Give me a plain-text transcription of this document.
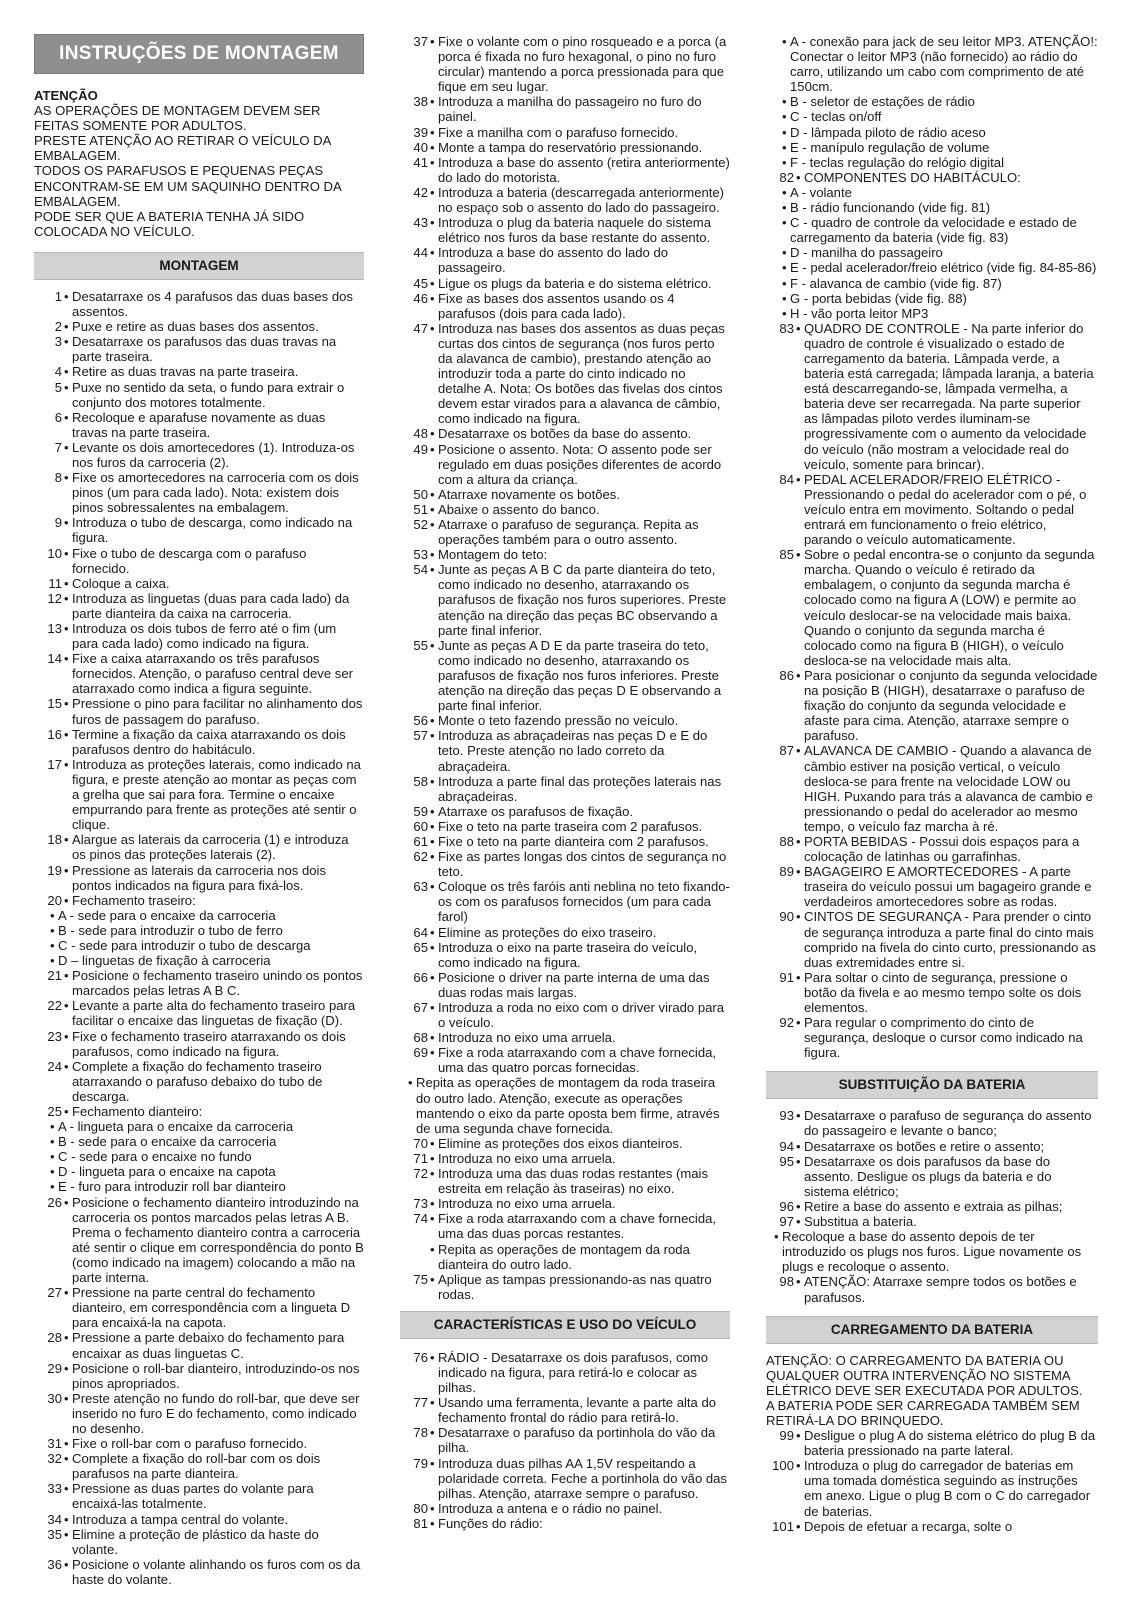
INSTRUÇÕES DE MONTAGEM
ATENÇÃO

AS OPERAÇÕES DE MONTAGEM DEVEM SER FEITAS SOMENTE POR ADULTOS.

PRESTE ATENÇÃO AO RETIRAR O VEÍCULO DA EMBALAGEM.

TODOS OS PARAFUSOS E PEQUENAS PEÇAS ENCONTRAM-SE EM UM SAQUINHO DENTRO DA EMBALAGEM.

PODE SER QUE A BATERIA TENHA JÁ SIDO COLOCADA NO VEÍCULO.

MONTAGEM
1 • Desatarraxe os 4 parafusos das duas bases dos assentos.
2 • Puxe e retire as duas bases dos assentos.
3 • Desatarraxe os parafusos das duas travas na parte traseira.
4 • Retire as duas travas na parte traseira.
5 • Puxe no sentido da seta, o fundo para extrair o conjunto dos motores totalmente.
6 • Recoloque e aparafuse novamente as duas travas na parte traseira.
7 • Levante os dois amortecedores (1). Introduza-os nos furos da carroceria (2).
8 • Fixe os amortecedores na carroceria com os dois pinos (um para cada lado). Nota: existem dois pinos sobressalentes na embalagem.
9 • Introduza o tubo de descarga, como indicado na figura.
10 • Fixe o tubo de descarga com o parafuso fornecido.
11 • Coloque a caixa.
12 • Introduza as linguetas (duas para cada lado) da parte dianteira da caixa na carroceria.
13 • Introduza os dois tubos de ferro até o fim (um para cada lado) como indicado na figura.
14 • Fixe a caixa atarraxando os três parafusos fornecidos. Atenção, o parafuso central deve ser atarraxado como indica a figura seguinte.
15 • Pressione o pino para facilitar no alinhamento dos furos de passagem do parafuso.
16 • Termine a fixação da caixa atarraxando os dois parafusos dentro do habitáculo.
17 • Introduza as proteções laterais, como indicado na figura, e preste atenção ao montar as peças com a grelha que sai para fora. Termine o encaixe empurrando para frente as proteções até sentir o clique.
18 • Alargue as laterais da carroceria (1) e introduza os pinos das proteções laterais (2).
19 • Pressione as laterais da carroceria nos dois pontos indicados na figura para fixá-los.
20 • Fechamento traseiro:
• A - sede para o encaixe da carroceria
• B - sede para introduzir o tubo de ferro
• C - sede para introduzir o tubo de descarga
• D – linguetas de fixação à carroceria
21 • Posicione o fechamento traseiro unindo os pontos marcados pelas letras A B C.
22 • Levante a parte alta do fechamento traseiro para facilitar o encaixe das linguetas de fixação (D).
23 • Fixe o fechamento traseiro atarraxando os dois parafusos, como indicado na figura.
24 • Complete a fixação do fechamento traseiro atarraxando o parafuso debaixo do tubo de descarga.
25 • Fechamento dianteiro:
• A - lingueta para o encaixe da carroceria
• B - sede para o encaixe da carroceria
• C - sede para o encaixe no fundo
• D - lingueta para o encaixe na capota
• E - furo para introduzir roll bar dianteiro
26 • Posicione o fechamento dianteiro introduzindo na carroceria os pontos marcados pelas letras A B. Prema o fechamento dianteiro contra a carroceria até sentir o clique em correspondência do ponto B (como indicado na imagem) colocando a mão na parte interna.
27 • Pressione na parte central do fechamento dianteiro, em correspondência com a lingueta D para encaixá-la na capota.
28 • Pressione a parte debaixo do fechamento para encaixar as duas linguetas C.
29 • Posicione o roll-bar dianteiro, introduzindo-os nos pinos apropriados.
30 • Preste atenção no fundo do roll-bar, que deve ser inserido no furo E do fechamento, como indicado no desenho.
31 • Fixe o roll-bar com o parafuso fornecido.
32 • Complete a fixação do roll-bar com os dois parafusos na parte dianteira.
33 • Pressione as duas partes do volante para encaixá-las totalmente.
34 • Introduza a tampa central do volante.
35 • Elimine a proteção de plástico da haste do volante.
36 • Posicione o volante alinhando os furos com os da haste do volante.
37 • Fixe o volante com o pino rosqueado e a porca (a porca é fixada no furo hexagonal, o pino no furo circular) mantendo a porca pressionada para que fique em seu lugar.
38 • Introduza a manilha do passageiro no furo do painel.
39 • Fixe a manilha com o parafuso fornecido.
40 • Monte a tampa do reservatório pressionando.
41 • Introduza a base do assento (retira anteriormente) do lado do motorista.
42 • Introduza a bateria (descarregada anteriormente) no espaço sob o assento do lado do passageiro.
43 • Introduza o plug da bateria naquele do sistema elétrico nos furos da base restante do assento.
44 • Introduza a base do assento do lado do passageiro.
45 • Ligue os plugs da bateria e do sistema elétrico.
46 • Fixe as bases dos assentos usando os 4 parafusos (dois para cada lado).
47 • Introduza nas bases dos assentos as duas peças curtas dos cintos de segurança (nos furos perto da alavanca de cambio), prestando atenção ao introduzir toda a parte do cinto indicado no detalhe A. Nota: Os botões das fivelas dos cintos devem estar virados para a alavanca de câmbio, como indicado na figura.
48 • Desatarraxe os botões da base do assento.
49 • Posicione o assento. Nota: O assento pode ser regulado em duas posições diferentes de acordo com a altura da criança.
50 • Atarraxe novamente os botões.
51 • Abaixe o assento do banco.
52 • Atarraxe o parafuso de segurança. Repita as operações também para o outro assento.
53 • Montagem do teto:
54 • Junte as peças A B C da parte dianteira do teto, como indicado no desenho, atarraxando os parafusos de fixação nos furos superiores. Preste atenção na direção das peças BC observando a parte final inferior.
55 • Junte as peças A D E da parte traseira do teto, como indicado no desenho, atarraxando os parafusos de fixação nos furos inferiores. Preste atenção na direção das peças D E observando a parte final inferior.
56 • Monte o teto fazendo pressão no veículo.
57 • Introduza as abraçadeiras nas peças D e E do teto. Preste atenção no lado correto da abraçadeira.
58 • Introduza a parte final das proteções laterais nas abraçadeiras.
59 • Atarraxe os parafusos de fixação.
60 • Fixe o teto na parte traseira com 2 parafusos.
61 • Fixe o teto na parte dianteira com 2 parafusos.
62 • Fixe as partes longas dos cintos de segurança no teto.
63 • Coloque os três faróis anti neblina no teto fixando-os com os parafusos fornecidos (um para cada farol)
64 • Elimine as proteções do eixo traseiro.
65 • Introduza o eixo na parte traseira do veículo, como indicado na figura.
66 • Posicione o driver na parte interna de uma das duas rodas mais largas.
67 • Introduza a roda no eixo com o driver virado para o veículo.
68 • Introduza no eixo uma arruela.
69 • Fixe a roda atarraxando com a chave fornecida, uma das quatro porcas fornecidas.
• Repita as operações de montagem da roda traseira do outro lado. Atenção, execute as operações mantendo o eixo da parte oposta bem firme, através de uma segunda chave fornecida.
70 • Elimine as proteções dos eixos dianteiros.
71 • Introduza no eixo uma arruela.
72 • Introduza uma das duas rodas restantes (mais estreita em relação às traseiras) no eixo.
73 • Introduza no eixo uma arruela.
74 • Fixe a roda atarraxando com a chave fornecida, uma das duas porcas restantes.
• Repita as operações de montagem da roda dianteira do outro lado.
75 • Aplique as tampas pressionando-as nas quatro rodas.
CARACTERÍSTICAS E USO DO VEÍCULO
76 • RÁDIO - Desatarraxe os dois parafusos, como indicado na figura, para retirá-lo e colocar as pilhas.
77 • Usando uma ferramenta, levante a parte alta do fechamento frontal do rádio para retirá-lo.
78 • Desatarraxe o parafuso da portinhola do vão da pilha.
79 • Introduza duas pilhas AA 1,5V respeitando a polaridade correta. Feche a portinhola do vão das pilhas. Atenção, atarraxe sempre o parafuso.
80 • Introduza a antena e o rádio no painel.
81 • Funções do rádio:
• A - conexão para jack de seu leitor MP3. ATENÇÃO!: Conectar o leitor MP3 (não fornecido) ao rádio do carro, utilizando um cabo com comprimento de até 150cm.
• B - seletor de estações de rádio
• C - teclas on/off
• D - lâmpada piloto de rádio aceso
• E - manípulo regulação de volume
• F - teclas regulação do relógio digital
82 • COMPONENTES DO HABITÁCULO:
• A - volante
• B - rádio funcionando (vide fig. 81)
• C - quadro de controle da velocidade e estado de carregamento da bateria (vide fig. 83)
• D - manilha do passageiro
• E - pedal acelerador/freio elétrico (vide fig. 84-85-86)
• F - alavanca de cambio (vide fig. 87)
• G - porta bebidas (vide fig. 88)
• H - vão porta leitor MP3
83 • QUADRO DE CONTROLE - Na parte inferior do quadro de controle é visualizado o estado de carregamento da bateria. Lâmpada verde, a bateria está carregada; lâmpada laranja, a bateria está descarregando-se, lâmpada vermelha, a bateria deve ser recarregada. Na parte superior as lâmpadas piloto verdes iluminam-se progressivamente com o aumento da velocidade do veículo (não mostram a velocidade real do veículo, somente para brincar).
84 • PEDAL ACELERADOR/FREIO ELÉTRICO - Pressionando o pedal do acelerador com o pé, o veículo entra em movimento. Soltando o pedal entrará em funcionamento o freio elétrico, parando o veículo automaticamente.
85 • Sobre o pedal encontra-se o conjunto da segunda marcha. Quando o veículo é retirado da embalagem, o conjunto da segunda marcha é colocado como na figura A (LOW) e permite ao veículo deslocar-se na velocidade mais baixa. Quando o conjunto da segunda marcha é colocado como na figura B (HIGH), o veículo desloca-se na velocidade mais alta.
86 • Para posicionar o conjunto da segunda velocidade na posição B (HIGH), desatarraxe o parafuso de fixação do conjunto da segunda velocidade e afaste para cima. Atenção, atarraxe sempre o parafuso.
87 • ALAVANCA DE CAMBIO - Quando a alavanca de câmbio estiver na posição vertical, o veículo desloca-se para frente na velocidade LOW ou HIGH. Puxando para trás a alavanca de cambio e pressionando o pedal do acelerador ao mesmo tempo, o veículo faz marcha à ré.
88 • PORTA BEBIDAS - Possui dois espaços para a colocação de latinhas ou garrafinhas.
89 • BAGAGEIRO E AMORTECEDORES - A parte traseira do veículo possui um bagageiro grande e verdadeiros amortecedores sobre as rodas.
90 • CINTOS DE SEGURANÇA - Para prender o cinto de segurança introduza a parte final do cinto mais comprido na fivela do cinto curto, pressionando as duas extremidades entre si.
91 • Para soltar o cinto de segurança, pressione o botão da fivela e ao mesmo tempo solte os dois elementos.
92 • Para regular o comprimento do cinto de segurança, desloque o cursor como indicado na figura.
SUBSTITUIÇÃO DA BATERIA
93 • Desatarraxe o parafuso de segurança do assento do passageiro e levante o banco;
94 • Desatarraxe os botões e retire o assento;
95 • Desatarraxe os dois parafusos da base do assento. Desligue os plugs da bateria e do sistema elétrico;
96 • Retire a base do assento e extraia as pilhas;
97 • Substitua a bateria.
• Recoloque a base do assento depois de ter introduzido os plugs nos furos. Ligue novamente os plugs e recoloque o assento.
98 • ATENÇÃO: Atarraxe sempre todos os botões e parafusos.
CARREGAMENTO DA BATERIA

ATENÇÃO: O CARREGAMENTO DA BATERIA OU QUALQUER OUTRA INTERVENÇÃO NO SISTEMA ELÉTRICO DEVE SER EXECUTADA POR ADULTOS.

A BATERIA PODE SER CARREGADA TAMBÉM SEM RETIRÁ-LA DO BRINQUEDO.

99 • Desligue o plug A do sistema elétrico do plug B da bateria pressionado na parte lateral.
100 • Introduza o plug do carregador de baterias em uma tomada doméstica seguindo as instruções em anexo. Ligue o plug B com o C do carregador de baterias.
101 • Depois de efetuar a recarga, solte o
